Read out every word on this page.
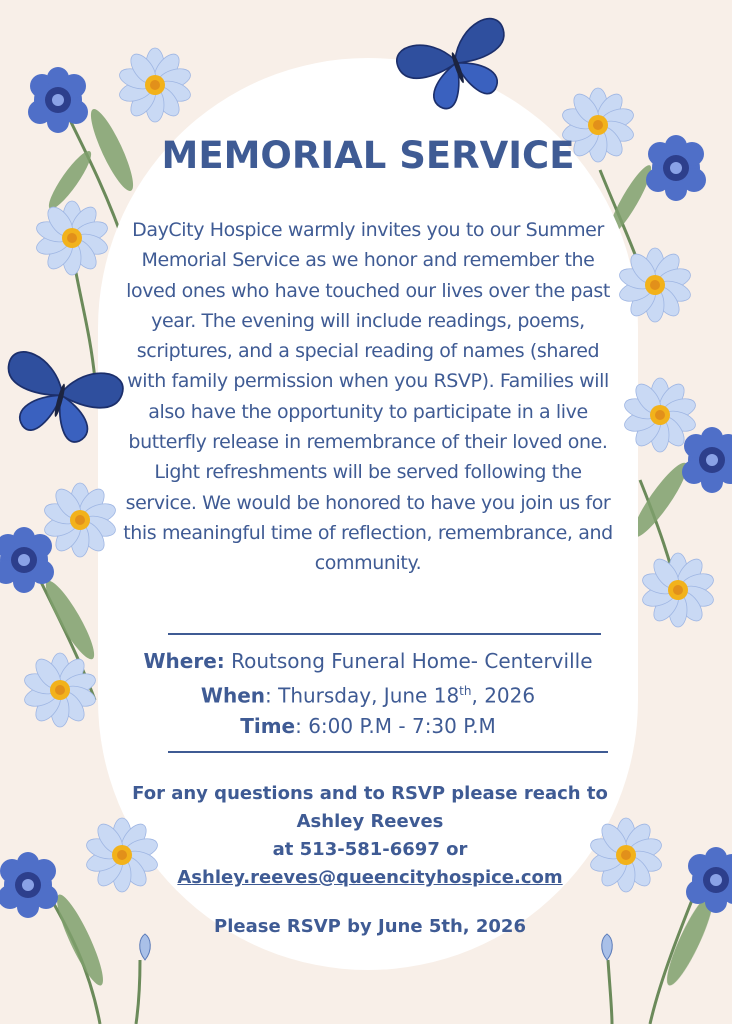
MEMORIAL SERVICE

DayCity Hospice warmly invites you to our Summer Memorial Service as we honor and remember the loved ones who have touched our lives over the past year. The evening will include readings, poems, scriptures, and a special reading of names (shared with family permission when you RSVP). Families will also have the opportunity to participate in a live butterfly release in remembrance of their loved one. Light refreshments will be served following the service. We would be honored to have you join us for this meaningful time of reflection, remembrance, and community.

Where: Routsong Funeral Home- Centerville
When: Thursday, June 18th, 2026
Time: 6:00 P.M - 7:30 P.M
For any questions and to RSVP please reach to
Ashley Reeves
at 513-581-6697 or
Ashley.reeves@queencityhospice.com
Please RSVP by June 5th, 2026
